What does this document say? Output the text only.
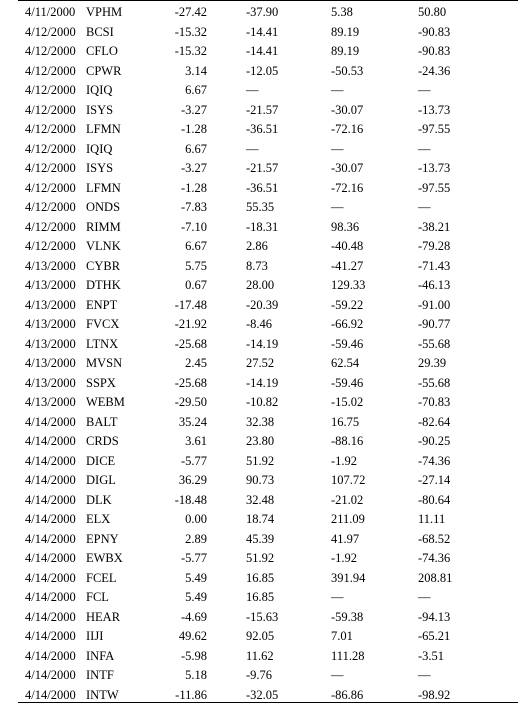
4/11/2000 VPHM	-27.42	-37.90	5.38	50.80
4/12/2000 BCSI	-15.32	-14.41	89.19	-90.83
4/12/2000 CFLO	-15.32	-14.41	89.19	-90.83
4/12/2000 CPWR	3.14	-12.05	-50.53	-24.36
4/12/2000 IQIQ	6.67	—	—	—
4/12/2000 ISYS	-3.27	-21.57	-30.07	-13.73
4/12/2000 LFMN	-1.28	-36.51	-72.16	-97.55
4/12/2000 IQIQ	6.67	—	—	—
4/12/2000 ISYS	-3.27	-21.57	-30.07	-13.73
4/12/2000 LFMN	-1.28	-36.51	-72.16	-97.55
4/12/2000 ONDS	-7.83	55.35	—	—
4/12/2000 RIMM	-7.10	-18.31	98.36	-38.21
4/12/2000 VLNK	6.67	2.86	-40.48	-79.28
4/13/2000 CYBR	5.75	8.73	-41.27	-71.43
4/13/2000 DTHK	0.67	28.00	129.33	-46.13
4/13/2000 ENPT	-17.48	-20.39	-59.22	-91.00
4/13/2000 FVCX	-21.92	-8.46	-66.92	-90.77
4/13/2000 LTNX	-25.68	-14.19	-59.46	-55.68
4/13/2000 MVSN	2.45	27.52	62.54	29.39
4/13/2000 SSPX	-25.68	-14.19	-59.46	-55.68
4/13/2000 WEBM	-29.50	-10.82	-15.02	-70.83
4/14/2000 BALT	35.24	32.38	16.75	-82.64
4/14/2000 CRDS	3.61	23.80	-88.16	-90.25
4/14/2000 DICE	-5.77	51.92	-1.92	-74.36
4/14/2000 DIGL	36.29	90.73	107.72	-27.14
4/14/2000 DLK	-18.48	32.48	-21.02	-80.64
4/14/2000 ELX	0.00	18.74	211.09	11.11
4/14/2000 EPNY	2.89	45.39	41.97	-68.52
4/14/2000 EWBX	-5.77	51.92	-1.92	-74.36
4/14/2000 FCEL	5.49	16.85	391.94	208.81
4/14/2000 FCL	5.49	16.85	—	—
4/14/2000 HEAR	-4.69	-15.63	-59.38	-94.13
4/14/2000 IIJI	49.62	92.05	7.01	-65.21
4/14/2000 INFA	-5.98	11.62	111.28	-3.51
4/14/2000 INTF	5.18	-9.76	—	—
4/14/2000 INTW	-11.86	-32.05	-86.86	-98.92
